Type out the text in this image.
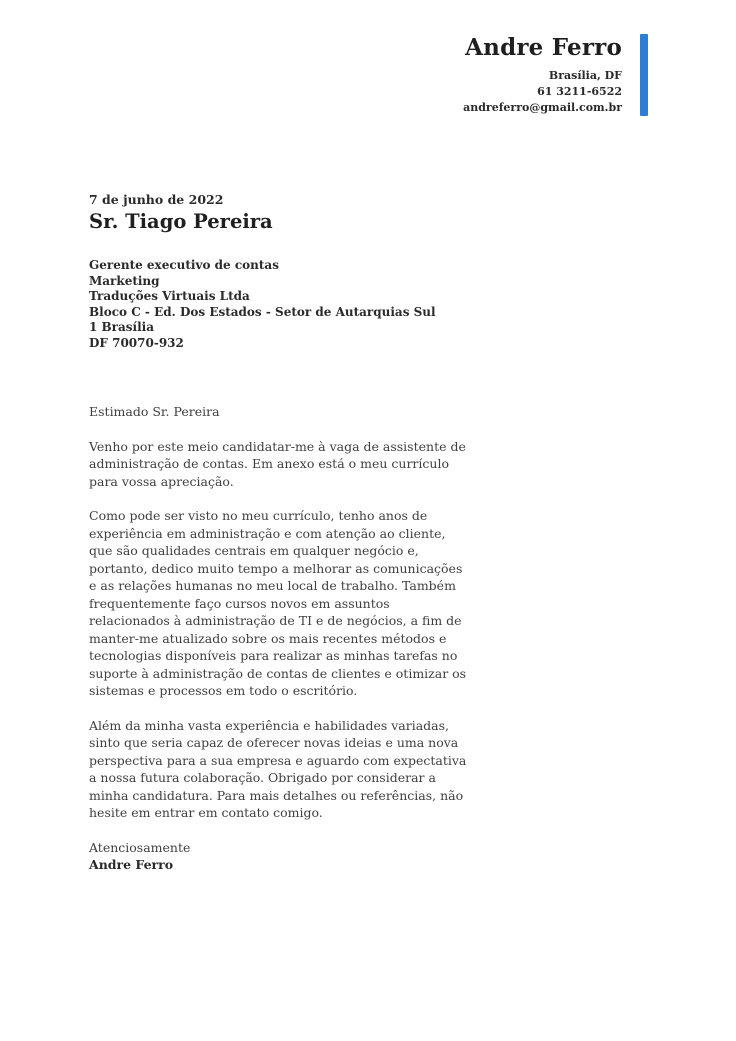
Andre Ferro
Brasília, DF
61 3211-6522
andreferro@gmail.com.br

7 de junho de 2022

Sr. Tiago Pereira
Gerente executivo de contas
Marketing
Traduções Virtuais Ltda
Bloco C - Ed. Dos Estados - Setor de Autarquias Sul
1 Brasília
DF 70070-932

Estimado Sr. Pereira

Venho por este meio candidatar-me à vaga de assistente de administração de contas. Em anexo está o meu currículo para vossa apreciação.

Como pode ser visto no meu currículo, tenho anos de experiência em administração e com atenção ao cliente, que são qualidades centrais em qualquer negócio e, portanto, dedico muito tempo a melhorar as comunicações e as relações humanas no meu local de trabalho. Também frequentemente faço cursos novos em assuntos relacionados à administração de TI e de negócios, a fim de manter-me atualizado sobre os mais recentes métodos e tecnologias disponíveis para realizar as minhas tarefas no suporte à administração de contas de clientes e otimizar os sistemas e processos em todo o escritório.

Além da minha vasta experiência e habilidades variadas, sinto que seria capaz de oferecer novas ideias e uma nova perspectiva para a sua empresa e aguardo com expectativa a nossa futura colaboração. Obrigado por considerar a minha candidatura. Para mais detalhes ou referências, não hesite em entrar em contato comigo.

Atenciosamente

Andre Ferro
